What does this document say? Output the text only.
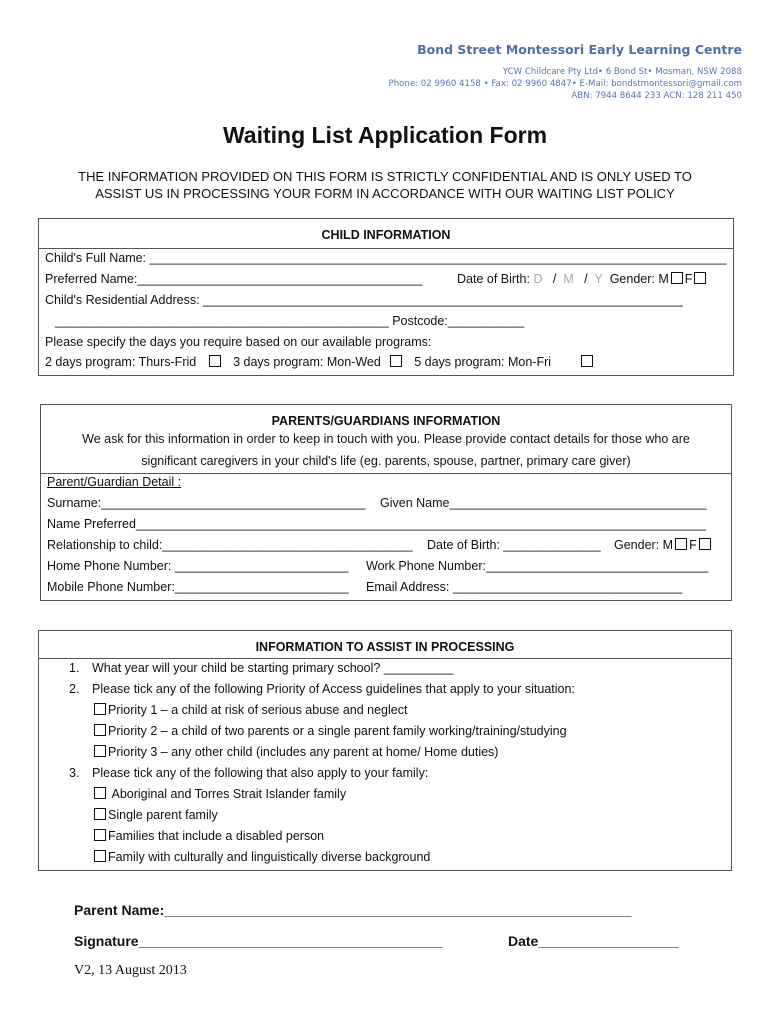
Bond Street Montessori Early Learning Centre
YCW Childcare Pty Ltd• 6 Bond St• Mosman, NSW 2088
Phone: 02 9960 4158 • Fax: 02 9960 4847• E-Mail: bondstmontessori@gmail.com
ABN: 7944 8644 233 ACN: 128 211 450
Waiting List Application Form
THE INFORMATION PROVIDED ON THIS FORM IS STRICTLY CONFIDENTIAL AND IS ONLY USED TO
ASSIST US IN PROCESSING YOUR FORM IN ACCORDANCE WITH OUR WAITING LIST POLICY
CHILD INFORMATION
Child's Full Name: ___________________________________________________________________________________
Preferred Name:_________________________________________	Date of Birth: D / M / Y Gender: M F
Child's Residential Address: _____________________________________________________________________
________________________________________________ Postcode:___________
Please specify the days you require based on our available programs:
2 days program: Thurs-Frid	3 days program: Mon-Wed	5 days program: Mon-Fri
PARENTS/GUARDIANS INFORMATION
We ask for this information in order to keep in touch with you. Please provide contact details for those who are
significant caregivers in your child's life (eg. parents, spouse, partner, primary care giver)
Parent/Guardian Detail :
Surname:______________________________________ Given Name_____________________________________
Name Preferred__________________________________________________________________________________
Relationship to child:____________________________________ Date of Birth: ______________ Gender: M F
Home Phone Number: _________________________ Work Phone Number:________________________________
Mobile Phone Number:_________________________ Email Address: _________________________________
INFORMATION TO ASSIST IN PROCESSING
1. What year will your child be starting primary school? __________
2. Please tick any of the following Priority of Access guidelines that apply to your situation:
Priority 1 – a child at risk of serious abuse and neglect
Priority 2 – a child of two parents or a single parent family working/training/studying
Priority 3 – any other child (includes any parent at home/ Home duties)
3. Please tick any of the following that also apply to your family:
Aboriginal and Torres Strait Islander family
Single parent family
Families that include a disabled person
Family with culturally and linguistically diverse background
Parent Name:____________________________________________________________
Signature_______________________________________	Date__________________
V2, 13 August 2013
